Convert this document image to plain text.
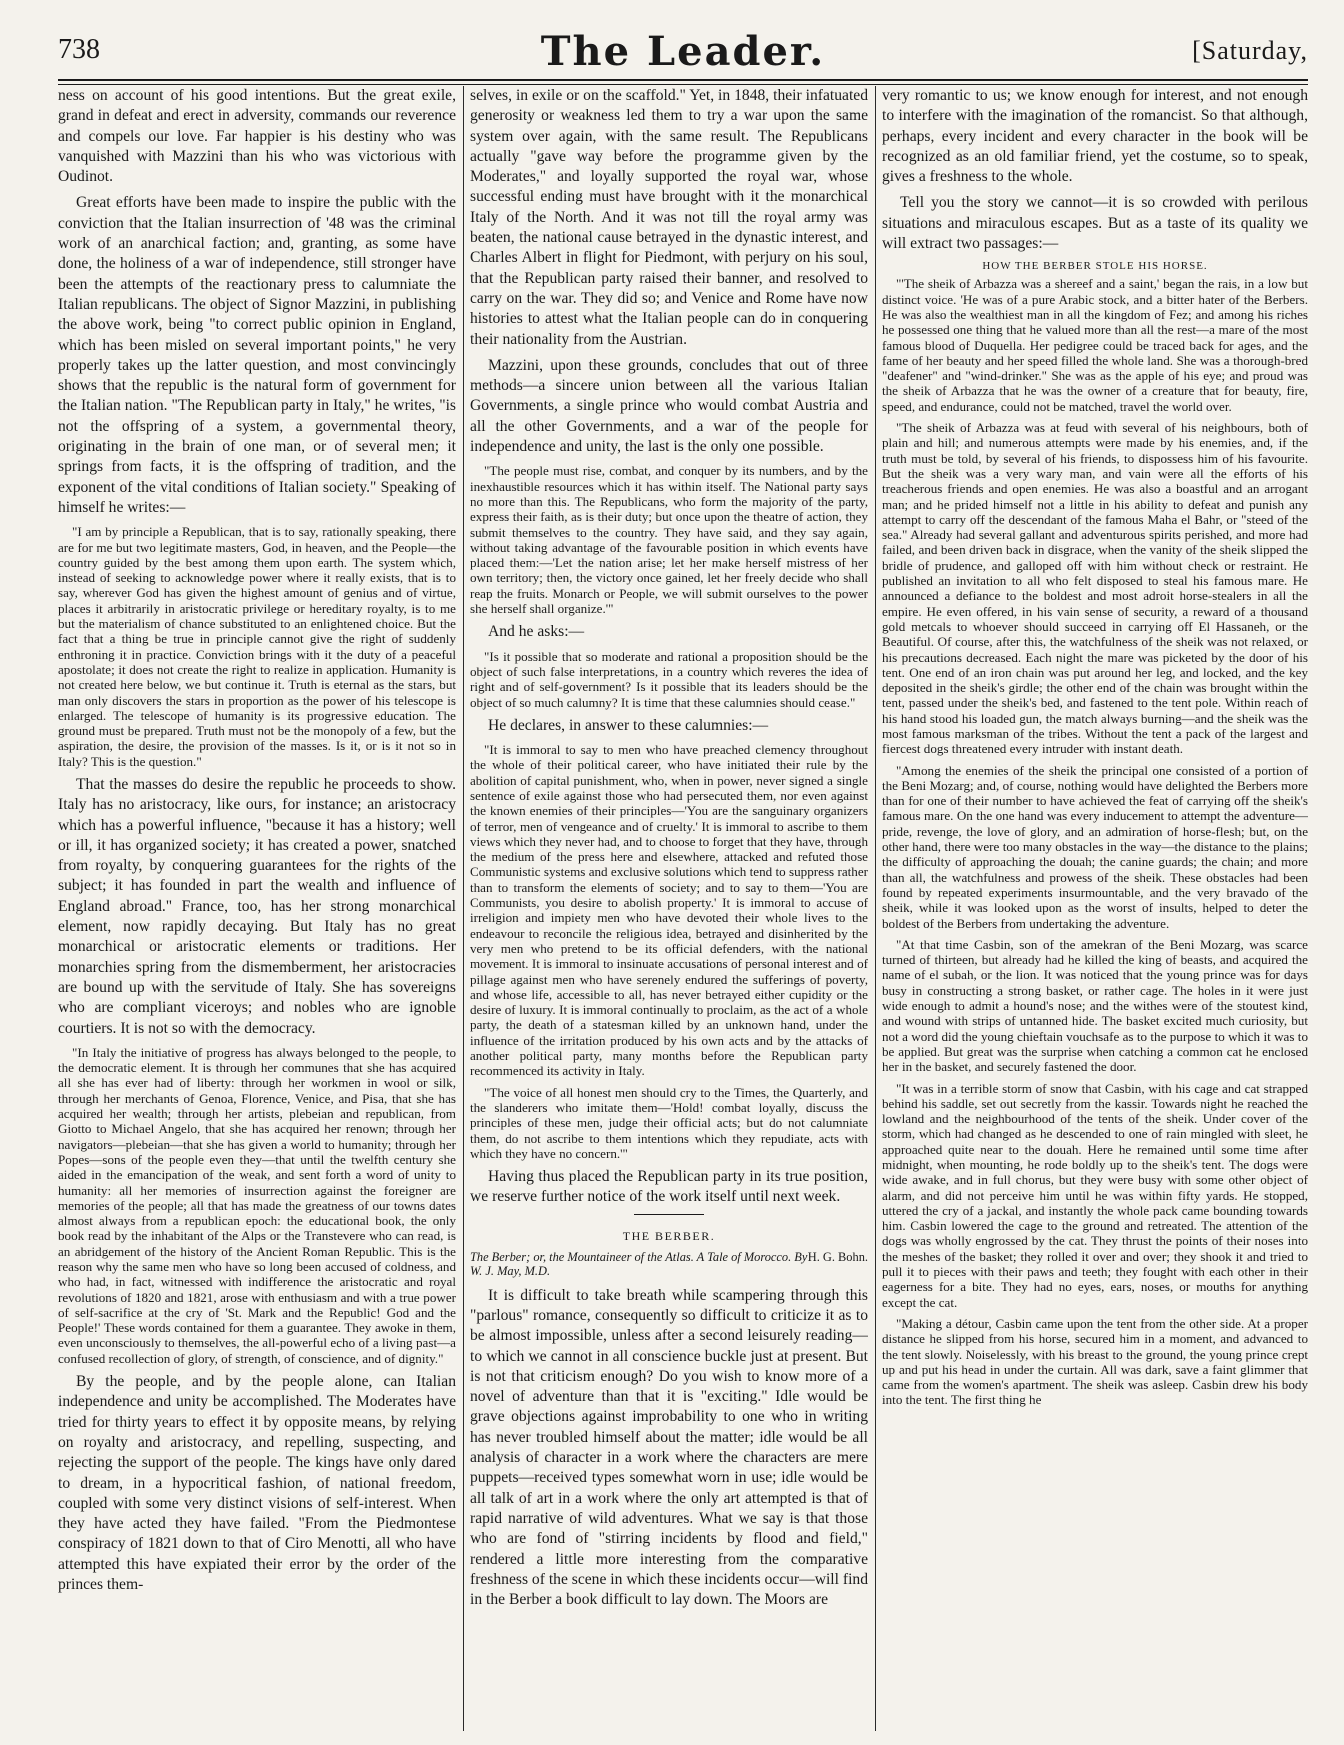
738	The Leader.	[Saturday,

ness on account of his good intentions. But the great exile, grand in defeat and erect in adversity, commands our reverence and compels our love. Far happier is his destiny who was vanquished with Mazzini than his who was victorious with Oudinot.

Great efforts have been made to inspire the public with the conviction that the Italian insurrection of '48 was the criminal work of an anarchical faction; and, granting, as some have done, the holiness of a war of independence, still stronger have been the attempts of the reactionary press to calumniate the Italian republicans. The object of Signor Mazzini, in publishing the above work, being "to correct public opinion in England, which has been misled on several important points," he very properly takes up the latter question, and most convincingly shows that the republic is the natural form of government for the Italian nation. "The Republican party in Italy," he writes, "is not the offspring of a system, a governmental theory, originating in the brain of one man, or of several men; it springs from facts, it is the offspring of tradition, and the exponent of the vital conditions of Italian society." Speaking of himself he writes:—

"I am by principle a Republican, that is to say, rationally speaking, there are for me but two legitimate masters, God, in heaven, and the People—the country guided by the best among them upon earth. The system which, instead of seeking to acknowledge power where it really exists, that is to say, wherever God has given the highest amount of genius and of virtue, places it arbitrarily in aristocratic privilege or hereditary royalty, is to me but the materialism of chance substituted to an enlightened choice. But the fact that a thing be true in principle cannot give the right of suddenly enthroning it in practice. Conviction brings with it the duty of a peaceful apostolate; it does not create the right to realize in application. Humanity is not created here below, we but continue it. Truth is eternal as the stars, but man only discovers the stars in proportion as the power of his telescope is enlarged. The telescope of humanity is its progressive education. The ground must be prepared. Truth must not be the monopoly of a few, but the aspiration, the desire, the provision of the masses. Is it, or is it not so in Italy? This is the question."

That the masses do desire the republic he proceeds to show. Italy has no aristocracy, like ours, for instance; an aristocracy which has a powerful influence, "because it has a history; well or ill, it has organized society; it has created a power, snatched from royalty, by conquering guarantees for the rights of the subject; it has founded in part the wealth and influence of England abroad." France, too, has her strong monarchical element, now rapidly decaying. But Italy has no great monarchical or aristocratic elements or traditions. Her monarchies spring from the dismemberment, her aristocracies are bound up with the servitude of Italy. She has sovereigns who are compliant viceroys; and nobles who are ignoble courtiers. It is not so with the democracy.

"In Italy the initiative of progress has always belonged to the people, to the democratic element. It is through her communes that she has acquired all she has ever had of liberty: through her workmen in wool or silk, through her merchants of Genoa, Florence, Venice, and Pisa, that she has acquired her wealth; through her artists, plebeian and republican, from Giotto to Michael Angelo, that she has acquired her renown; through her navigators—plebeian—that she has given a world to humanity; through her Popes—sons of the people even they—that until the twelfth century she aided in the emancipation of the weak, and sent forth a word of unity to humanity: all her memories of insurrection against the foreigner are memories of the people; all that has made the greatness of our towns dates almost always from a republican epoch: the educational book, the only book read by the inhabitant of the Alps or the Transtevere who can read, is an abridgement of the history of the Ancient Roman Republic. This is the reason why the same men who have so long been accused of coldness, and who had, in fact, witnessed with indifference the aristocratic and royal revolutions of 1820 and 1821, arose with enthusiasm and with a true power of self-sacrifice at the cry of 'St. Mark and the Republic! God and the People!' These words contained for them a guarantee. They awoke in them, even unconsciously to themselves, the all-powerful echo of a living past—a confused recollection of glory, of strength, of conscience, and of dignity."

By the people, and by the people alone, can Italian independence and unity be accomplished. The Moderates have tried for thirty years to effect it by opposite means, by relying on royalty and aristocracy, and repelling, suspecting, and rejecting the support of the people. The kings have only dared to dream, in a hypocritical fashion, of national freedom, coupled with some very distinct visions of self-interest. When they have acted they have failed. "From the Piedmontese conspiracy of 1821 down to that of Ciro Menotti, all who have attempted this have expiated their error by the order of the princes them-

selves, in exile or on the scaffold." Yet, in 1848, their infatuated generosity or weakness led them to try a war upon the same system over again, with the same result. The Republicans actually "gave way before the programme given by the Moderates," and loyally supported the royal war, whose successful ending must have brought with it the monarchical Italy of the North. And it was not till the royal army was beaten, the national cause betrayed in the dynastic interest, and Charles Albert in flight for Piedmont, with perjury on his soul, that the Republican party raised their banner, and resolved to carry on the war. They did so; and Venice and Rome have now histories to attest what the Italian people can do in conquering their nationality from the Austrian.

Mazzini, upon these grounds, concludes that out of three methods—a sincere union between all the various Italian Governments, a single prince who would combat Austria and all the other Governments, and a war of the people for independence and unity, the last is the only one possible.

"The people must rise, combat, and conquer by its numbers, and by the inexhaustible resources which it has within itself. The National party says no more than this. The Republicans, who form the majority of the party, express their faith, as is their duty; but once upon the theatre of action, they submit themselves to the country. They have said, and they say again, without taking advantage of the favourable position in which events have placed them:—'Let the nation arise; let her make herself mistress of her own territory; then, the victory once gained, let her freely decide who shall reap the fruits. Monarch or People, we will submit ourselves to the power she herself shall organize.'"

And he asks:—

"Is it possible that so moderate and rational a proposition should be the object of such false interpretations, in a country which reveres the idea of right and of self-government? Is it possible that its leaders should be the object of so much calumny? It is time that these calumnies should cease."

He declares, in answer to these calumnies:—

"It is immoral to say to men who have preached clemency throughout the whole of their political career, who have initiated their rule by the abolition of capital punishment, who, when in power, never signed a single sentence of exile against those who had persecuted them, nor even against the known enemies of their principles—'You are the sanguinary organizers of terror, men of vengeance and of cruelty.' It is immoral to ascribe to them views which they never had, and to choose to forget that they have, through the medium of the press here and elsewhere, attacked and refuted those Communistic systems and exclusive solutions which tend to suppress rather than to transform the elements of society; and to say to them—'You are Communists, you desire to abolish property.' It is immoral to accuse of irreligion and impiety men who have devoted their whole lives to the endeavour to reconcile the religious idea, betrayed and disinherited by the very men who pretend to be its official defenders, with the national movement. It is immoral to insinuate accusations of personal interest and of pillage against men who have serenely endured the sufferings of poverty, and whose life, accessible to all, has never betrayed either cupidity or the desire of luxury. It is immoral continually to proclaim, as the act of a whole party, the death of a statesman killed by an unknown hand, under the influence of the irritation produced by his own acts and by the attacks of another political party, many months before the Republican party recommenced its activity in Italy.

"The voice of all honest men should cry to the Times, the Quarterly, and the slanderers who imitate them—'Hold! combat loyally, discuss the principles of these men, judge their official acts; but do not calumniate them, do not ascribe to them intentions which they repudiate, acts with which they have no concern.'"

Having thus placed the Republican party in its true position, we reserve further notice of the work itself until next week.

THE BERBER.
H. G. Bohn.
The Berber; or, the Mountaineer of the Atlas. A Tale of Morocco. By W. J. May, M.D.

It is difficult to take breath while scampering through this "parlous" romance, consequently so difficult to criticize it as to be almost impossible, unless after a second leisurely reading—to which we cannot in all conscience buckle just at present. But is not that criticism enough? Do you wish to know more of a novel of adventure than that it is "exciting." Idle would be grave objections against improbability to one who in writing has never troubled himself about the matter; idle would be all analysis of character in a work where the characters are mere puppets—received types somewhat worn in use; idle would be all talk of art in a work where the only art attempted is that of rapid narrative of wild adventures. What we say is that those who are fond of "stirring incidents by flood and field," rendered a little more interesting from the comparative freshness of the scene in which these incidents occur—will find in the Berber a book difficult to lay down. The Moors are

very romantic to us; we know enough for interest, and not enough to interfere with the imagination of the romancist. So that although, perhaps, every incident and every character in the book will be recognized as an old familiar friend, yet the costume, so to speak, gives a freshness to the whole.

Tell you the story we cannot—it is so crowded with perilous situations and miraculous escapes. But as a taste of its quality we will extract two passages:—

HOW THE BERBER STOLE HIS HORSE.

"'The sheik of Arbazza was a shereef and a saint,' began the rais, in a low but distinct voice. 'He was of a pure Arabic stock, and a bitter hater of the Berbers. He was also the wealthiest man in all the kingdom of Fez; and among his riches he possessed one thing that he valued more than all the rest—a mare of the most famous blood of Duquella. Her pedigree could be traced back for ages, and the fame of her beauty and her speed filled the whole land. She was a thorough-bred "deafener" and "wind-drinker." She was as the apple of his eye; and proud was the sheik of Arbazza that he was the owner of a creature that for beauty, fire, speed, and endurance, could not be matched, travel the world over.

"The sheik of Arbazza was at feud with several of his neighbours, both of plain and hill; and numerous attempts were made by his enemies, and, if the truth must be told, by several of his friends, to dispossess him of his favourite. But the sheik was a very wary man, and vain were all the efforts of his treacherous friends and open enemies. He was also a boastful and an arrogant man; and he prided himself not a little in his ability to defeat and punish any attempt to carry off the descendant of the famous Maha el Bahr, or "steed of the sea." Already had several gallant and adventurous spirits perished, and more had failed, and been driven back in disgrace, when the vanity of the sheik slipped the bridle of prudence, and galloped off with him without check or restraint. He published an invitation to all who felt disposed to steal his famous mare. He announced a defiance to the boldest and most adroit horse-stealers in all the empire. He even offered, in his vain sense of security, a reward of a thousand gold metcals to whoever should succeed in carrying off El Hassaneh, or the Beautiful. Of course, after this, the watchfulness of the sheik was not relaxed, or his precautions decreased. Each night the mare was picketed by the door of his tent. One end of an iron chain was put around her leg, and locked, and the key deposited in the sheik's girdle; the other end of the chain was brought within the tent, passed under the sheik's bed, and fastened to the tent pole. Within reach of his hand stood his loaded gun, the match always burning—and the sheik was the most famous marksman of the tribes. Without the tent a pack of the largest and fiercest dogs threatened every intruder with instant death.

"Among the enemies of the sheik the principal one consisted of a portion of the Beni Mozarg; and, of course, nothing would have delighted the Berbers more than for one of their number to have achieved the feat of carrying off the sheik's famous mare. On the one hand was every inducement to attempt the adventure—pride, revenge, the love of glory, and an admiration of horse-flesh; but, on the other hand, there were too many obstacles in the way—the distance to the plains; the difficulty of approaching the douah; the canine guards; the chain; and more than all, the watchfulness and prowess of the sheik. These obstacles had been found by repeated experiments insurmountable, and the very bravado of the sheik, while it was looked upon as the worst of insults, helped to deter the boldest of the Berbers from undertaking the adventure.

"At that time Casbin, son of the amekran of the Beni Mozarg, was scarce turned of thirteen, but already had he killed the king of beasts, and acquired the name of el subah, or the lion. It was noticed that the young prince was for days busy in constructing a strong basket, or rather cage. The holes in it were just wide enough to admit a hound's nose; and the withes were of the stoutest kind, and wound with strips of untanned hide. The basket excited much curiosity, but not a word did the young chieftain vouchsafe as to the purpose to which it was to be applied. But great was the surprise when catching a common cat he enclosed her in the basket, and securely fastened the door.

"It was in a terrible storm of snow that Casbin, with his cage and cat strapped behind his saddle, set out secretly from the kassir. Towards night he reached the lowland and the neighbourhood of the tents of the sheik. Under cover of the storm, which had changed as he descended to one of rain mingled with sleet, he approached quite near to the douah. Here he remained until some time after midnight, when mounting, he rode boldly up to the sheik's tent. The dogs were wide awake, and in full chorus, but they were busy with some other object of alarm, and did not perceive him until he was within fifty yards. He stopped, uttered the cry of a jackal, and instantly the whole pack came bounding towards him. Casbin lowered the cage to the ground and retreated. The attention of the dogs was wholly engrossed by the cat. They thrust the points of their noses into the meshes of the basket; they rolled it over and over; they shook it and tried to pull it to pieces with their paws and teeth; they fought with each other in their eagerness for a bite. They had no eyes, ears, noses, or mouths for anything except the cat.

"Making a détour, Casbin came upon the tent from the other side. At a proper distance he slipped from his horse, secured him in a moment, and advanced to the tent slowly. Noiselessly, with his breast to the ground, the young prince crept up and put his head in under the curtain. All was dark, save a faint glimmer that came from the women's apartment. The sheik was asleep. Casbin drew his body into the tent. The first thing he
